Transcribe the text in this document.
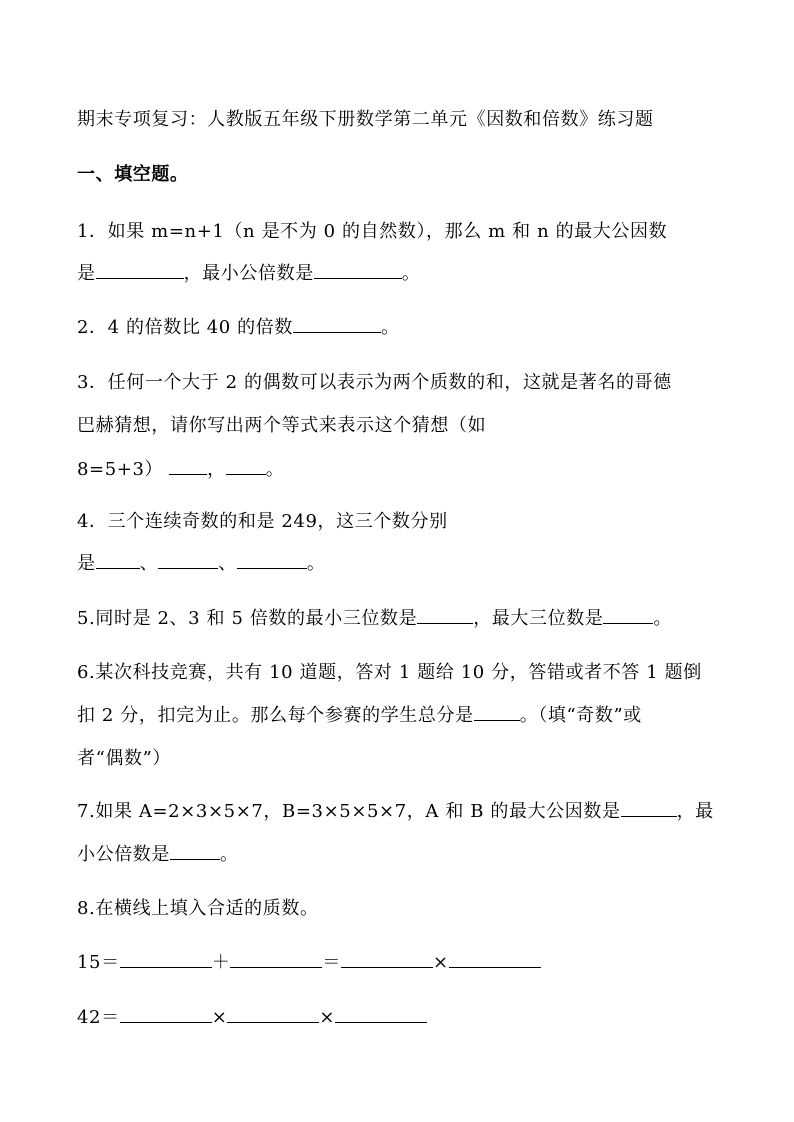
期末专项复习：人教版五年级下册数学第二单元《因数和倍数》练习题
一、填空题。
1．如果 m=n+1（n 是不为 0 的自然数），那么 m 和 n 的最大公因数
是	，最小公倍数是	。
2．4 的倍数比 40 的倍数	。
3．任何一个大于 2 的偶数可以表示为两个质数的和，这就是著名的哥德
巴赫猜想，请你写出两个等式来表示这个猜想（如
8=5+3） ， 。
4．三个连续奇数的和是 249，这三个数分别
是 、	、	。
5.同时是 2、3 和 5 倍数的最小三位数是	，最大三位数是	。
6.某次科技竞赛，共有 10 道题，答对 1 题给 10 分，答错或者不答 1 题倒
扣 2 分，扣完为止。那么每个参赛的学生总分是	。（填“奇数”或
者“偶数”）
7.如果 A=2×3×5×7，B=3×5×5×7，A 和 B 的最大公因数是	，最
小公倍数是	。
8.在横线上填入合适的质数。
15＝	＋	＝	×
42＝	×	×
